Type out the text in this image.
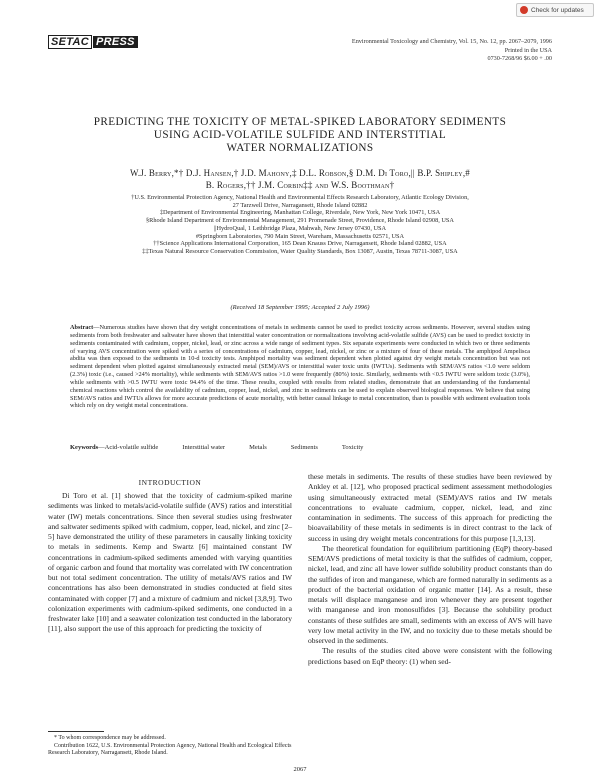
Check for updates
SETAC PRESS	Environmental Toxicology and Chemistry, Vol. 15, No. 12, pp. 2067–2079, 1996
Printed in the USA
0730-7268/96 $6.00 + .00
PREDICTING THE TOXICITY OF METAL-SPIKED LABORATORY SEDIMENTS
USING ACID-VOLATILE SULFIDE AND INTERSTITIAL
WATER NORMALIZATIONS
W.J. Berry,*† D.J. Hansen,† J.D. Mahony,‡ D.L. Robson,§ D.M. Di Toro,|| B.P. Shipley,#
B. Rogers,†† J.M. Corbin‡‡ and W.S. Boothman†
†U.S. Environmental Protection Agency, National Health and Environmental Effects Research Laboratory, Atlantic Ecology Division,
27 Tarzwell Drive, Narragansett, Rhode Island 02882
‡Department of Environmental Engineering, Manhattan College, Riverdale, New York, New York 10471, USA
§Rhode Island Department of Environmental Management, 291 Promenade Street, Providence, Rhode Island 02908, USA
||HydroQual, 1 Lethbridge Plaza, Mahwah, New Jersey 07430, USA
#Springborn Laboratories, 790 Main Street, Wareham, Massachusetts 02571, USA
††Science Applications International Corporation, 165 Dean Knauss Drive, Narragansett, Rhode Island 02882, USA
‡‡Texas Natural Resource Conservation Commission, Water Quality Standards, Box 13087, Austin, Texas 78711-3087, USA
(Received 18 September 1995; Accepted 2 July 1996)
Abstract—Numerous studies have shown that dry weight concentrations of metals in sediments cannot be used to predict toxicity across sediments. However, several studies using sediments from both freshwater and saltwater have shown that interstitial water concentration or normalizations involving acid-volatile sulfide (AVS) can be used to predict toxicity in sediments contaminated with cadmium, copper, nickel, lead, or zinc across a wide range of sediment types. Six separate experiments were conducted in which two or three sediments of varying AVS concentration were spiked with a series of concentrations of cadmium, copper, lead, nickel, or zinc or a mixture of four of these metals. The amphipod Ampelisca abdita was then exposed to the sediments in 10-d toxicity tests. Amphipod mortality was sediment dependent when plotted against dry weight metals concentration but was not sediment dependent when plotted against simultaneously extracted metal (SEM)/AVS or interstitial water toxic units (IWTUs). Sediments with SEM/AVS ratios <1.0 were seldom (2.3%) toxic (i.e., caused >24% mortality), while sediments with SEM/AVS ratios >1.0 were frequently (80%) toxic. Similarly, sediments with <0.5 IWTU were seldom toxic (3.0%), while sediments with >0.5 IWTU were toxic 94.4% of the time. These results, coupled with results from related studies, demonstrate that an understanding of the fundamental chemical reactions which control the availability of cadmium, copper, lead, nickel, and zinc in sediments can be used to explain observed biological responses. We believe that using SEM/AVS ratios and IWTUs allows for more accurate predictions of acute mortality, with better causal linkage to metal concentration, than is possible with sediment evaluation tools which rely on dry weight metal concentrations.
Keywords—Acid-volatile sulfide	Interstitial water	Metals	Sediments	Toxicity
INTRODUCTION
Di Toro et al. [1] showed that the toxicity of cadmium-spiked marine sediments was linked to metals/acid-volatile sulfide (AVS) ratios and interstitial water (IW) metals concentrations. Since then several studies using freshwater and saltwater sediments spiked with cadmium, copper, lead, nickel, and zinc [2–5] have demonstrated the utility of these parameters in causally linking toxicity to metals in sediments. Kemp and Swartz [6] maintained constant IW concentrations in cadmium-spiked sediments amended with varying quantities of organic carbon and found that mortality was correlated with IW concentration but not total sediment concentration. The utility of metals/AVS ratios and IW concentrations has also been demonstrated in studies conducted at field sites contaminated with copper [7] and a mixture of cadmium and nickel [3,8,9]. Two colonization experiments with cadmium-spiked sediments, one conducted in a freshwater lake [10] and a seawater colonization test conducted in the laboratory [11], also support the use of this approach for predicting the toxicity of

these metals in sediments. The results of these studies have been reviewed by Ankley et al. [12], who proposed practical sediment assessment methodologies using simultaneously extracted metal (SEM)/AVS ratios and IW metals concentrations to evaluate cadmium, copper, nickel, lead, and zinc contamination in sediments. The success of this approach for predicting the bioavailability of these metals in sediments is in direct contrast to the lack of success in using dry weight metals concentrations for this purpose [1,3,13].

The theoretical foundation for equilibrium partitioning (EqP) theory-based SEM/AVS predictions of metal toxicity is that the sulfides of cadmium, copper, nickel, lead, and zinc all have lower sulfide solubility product constants than do the sulfides of iron and manganese, which are formed naturally in sediments as a product of the bacterial oxidation of organic matter [14]. As a result, these metals will displace manganese and iron whenever they are present together with manganese and iron monosulfides [3]. Because the solubility product constants of these sulfides are small, sediments with an excess of AVS will have very low metal activity in the IW, and no toxicity due to these metals should be observed in the sediments.

The results of the studies cited above were consistent with the following predictions based on EqP theory: (1) when sed-

* To whom correspondence may be addressed.

Contribution 1622, U.S. Environmental Protection Agency, National Health and Ecological Effects Research Laboratory, Narragansett, Rhode Island.

2067
